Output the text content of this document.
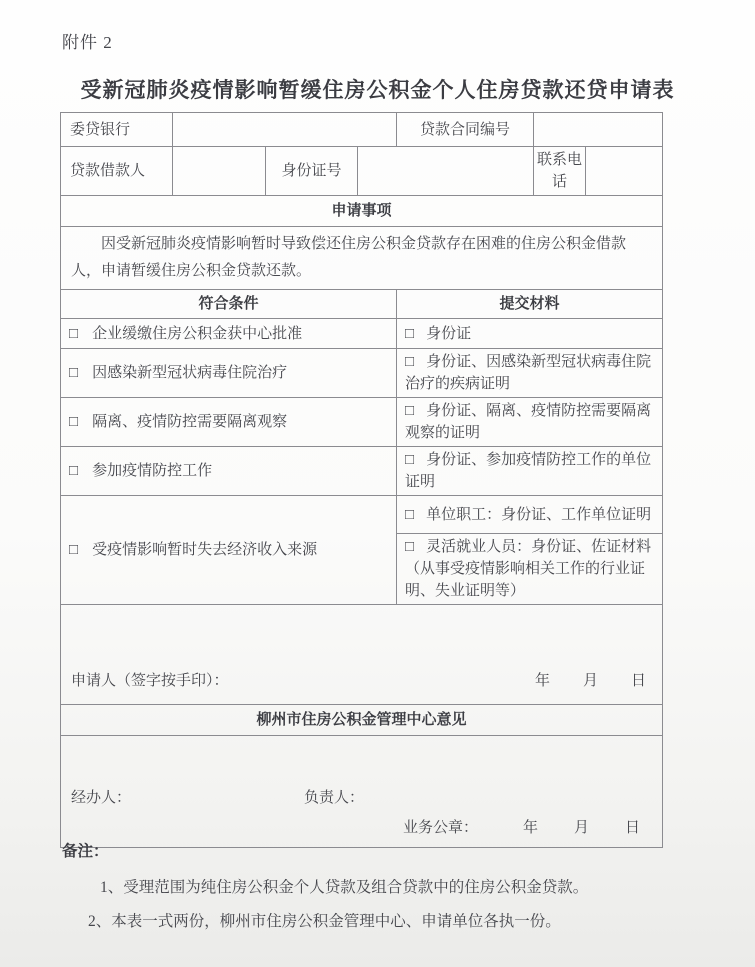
附件 2
受新冠肺炎疫情影响暂缓住房公积金个人住房贷款还贷申请表
委贷银行				贷款合同编号		
贷款借款人		身份证号			联系电话	
申请事项						
因受新冠肺炎疫情影响暂时导致偿还住房公积金贷款存在困难的住房公积金借款人，申请暂缓住房公积金贷款还款。						
符合条件				提交材料		
□ 企业缓缴住房公积金获中心批准				□ 身份证		
□ 因感染新型冠状病毒住院治疗				□ 身份证、因感染新型冠状病毒住院治疗的疾病证明		
□ 隔离、疫情防控需要隔离观察				□ 身份证、隔离、疫情防控需要隔离观察的证明		
□ 参加疫情防控工作				□ 身份证、参加疫情防控工作的单位证明		
□ 受疫情影响暂时失去经济收入来源				□ 单位职工：身份证、工作单位证明		
				□ 灵活就业人员：身份证、佐证材料（从事受疫情影响相关工作的行业证明、失业证明等）		

申请人（签字按手印）： 年 月 日						

柳州市住房公积金管理中心意见						

经办人： 负责人：
业务公章： 年 月 日						
备注：
1、受理范围为纯住房公积金个人贷款及组合贷款中的住房公积金贷款。
2、本表一式两份，柳州市住房公积金管理中心、申请单位各执一份。
